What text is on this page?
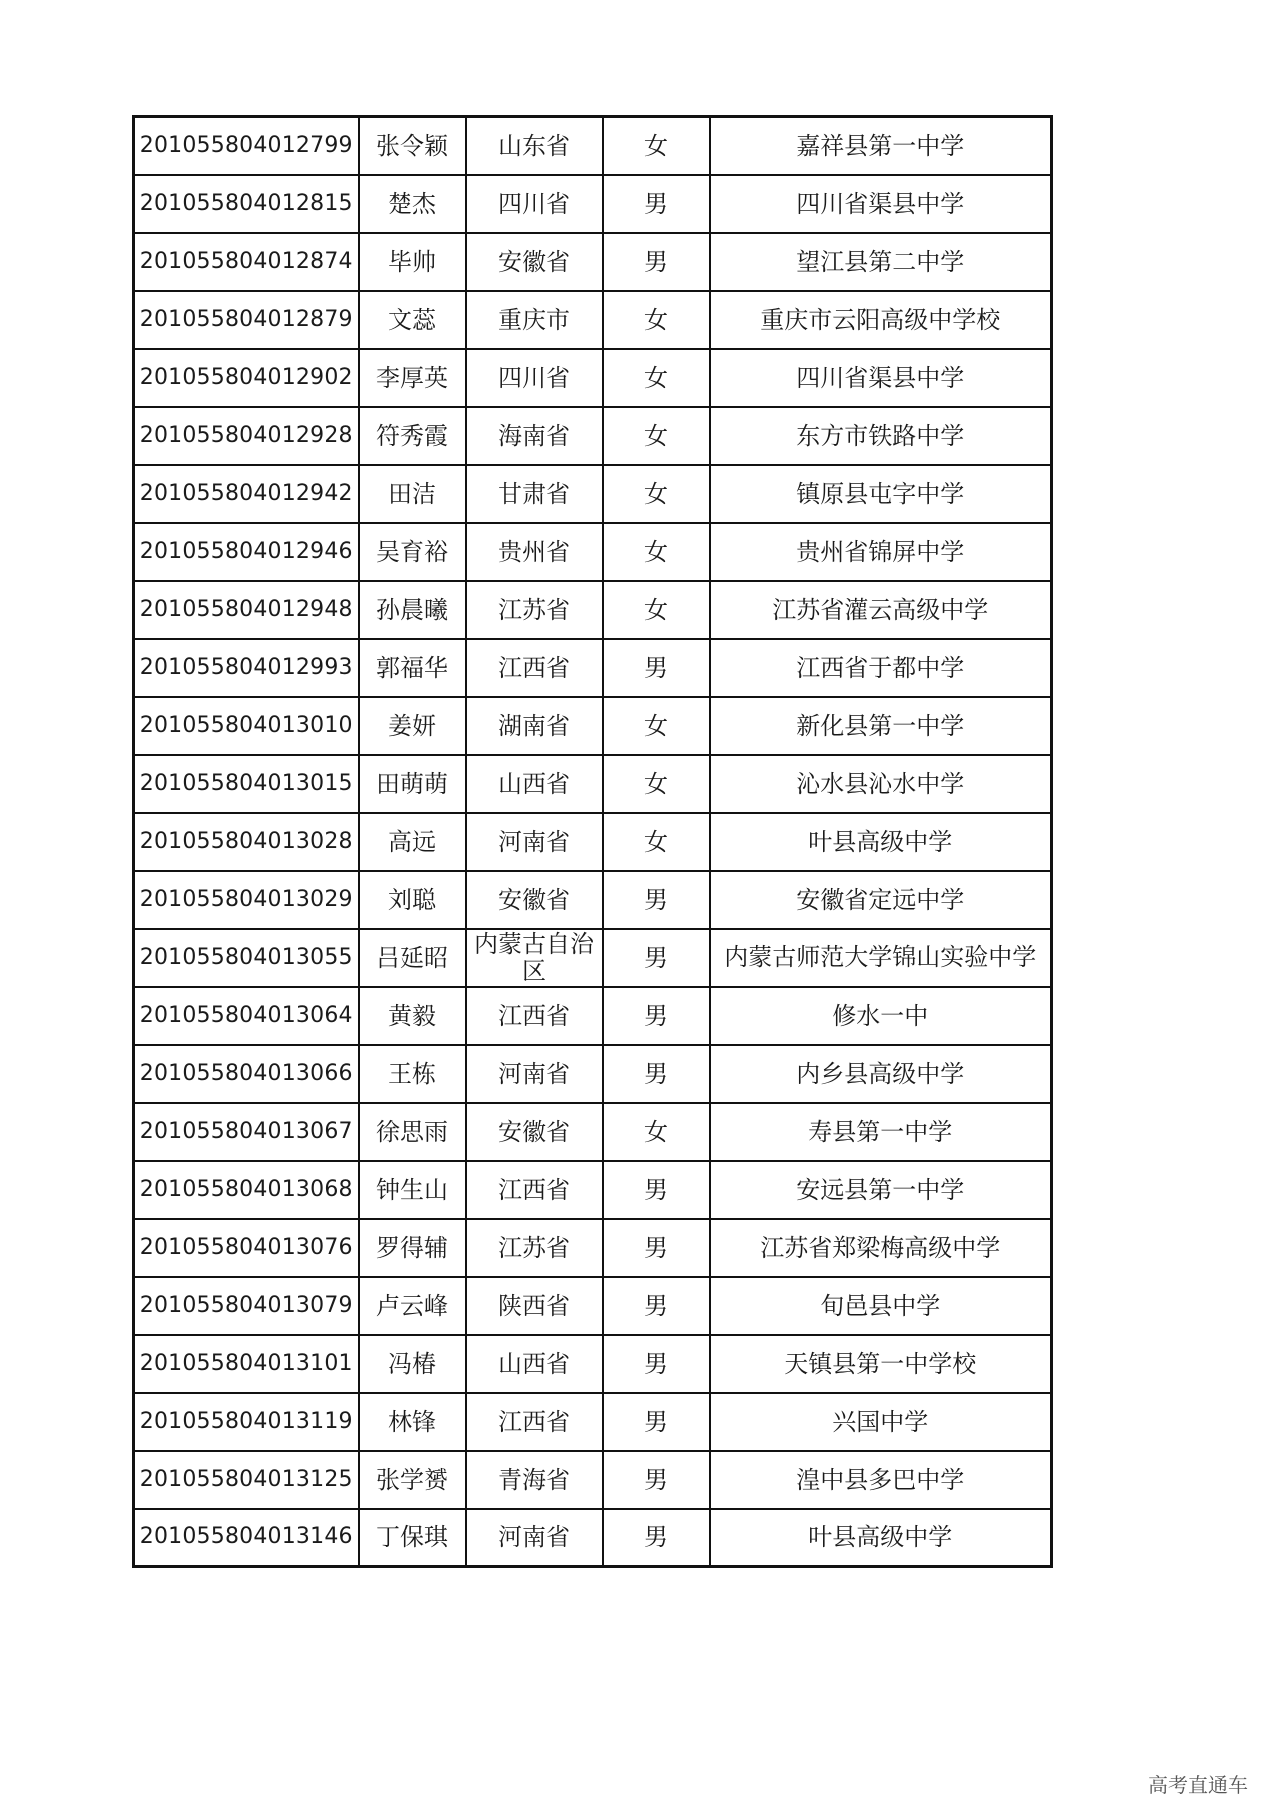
201055804012799	张令颖	山东省	女	嘉祥县第一中学
201055804012815	楚杰	四川省	男	四川省渠县中学
201055804012874	毕帅	安徽省	男	望江县第二中学
201055804012879	文蕊	重庆市	女	重庆市云阳高级中学校
201055804012902	李厚英	四川省	女	四川省渠县中学
201055804012928	符秀霞	海南省	女	东方市铁路中学
201055804012942	田洁	甘肃省	女	镇原县屯字中学
201055804012946	吴育裕	贵州省	女	贵州省锦屏中学
201055804012948	孙晨曦	江苏省	女	江苏省灌云高级中学
201055804012993	郭福华	江西省	男	江西省于都中学
201055804013010	姜妍	湖南省	女	新化县第一中学
201055804013015	田萌萌	山西省	女	沁水县沁水中学
201055804013028	高远	河南省	女	叶县高级中学
201055804013029	刘聪	安徽省	男	安徽省定远中学
201055804013055	吕延昭	内蒙古自治区	男	内蒙古师范大学锦山实验中学
201055804013064	黄毅	江西省	男	修水一中
201055804013066	王栋	河南省	男	内乡县高级中学
201055804013067	徐思雨	安徽省	女	寿县第一中学
201055804013068	钟生山	江西省	男	安远县第一中学
201055804013076	罗得辅	江苏省	男	江苏省郑梁梅高级中学
201055804013079	卢云峰	陕西省	男	旬邑县中学
201055804013101	冯椿	山西省	男	天镇县第一中学校
201055804013119	林锋	江西省	男	兴国中学
201055804013125	张学赟	青海省	男	湟中县多巴中学
201055804013146	丁保琪	河南省	男	叶县高级中学
高考直通车
